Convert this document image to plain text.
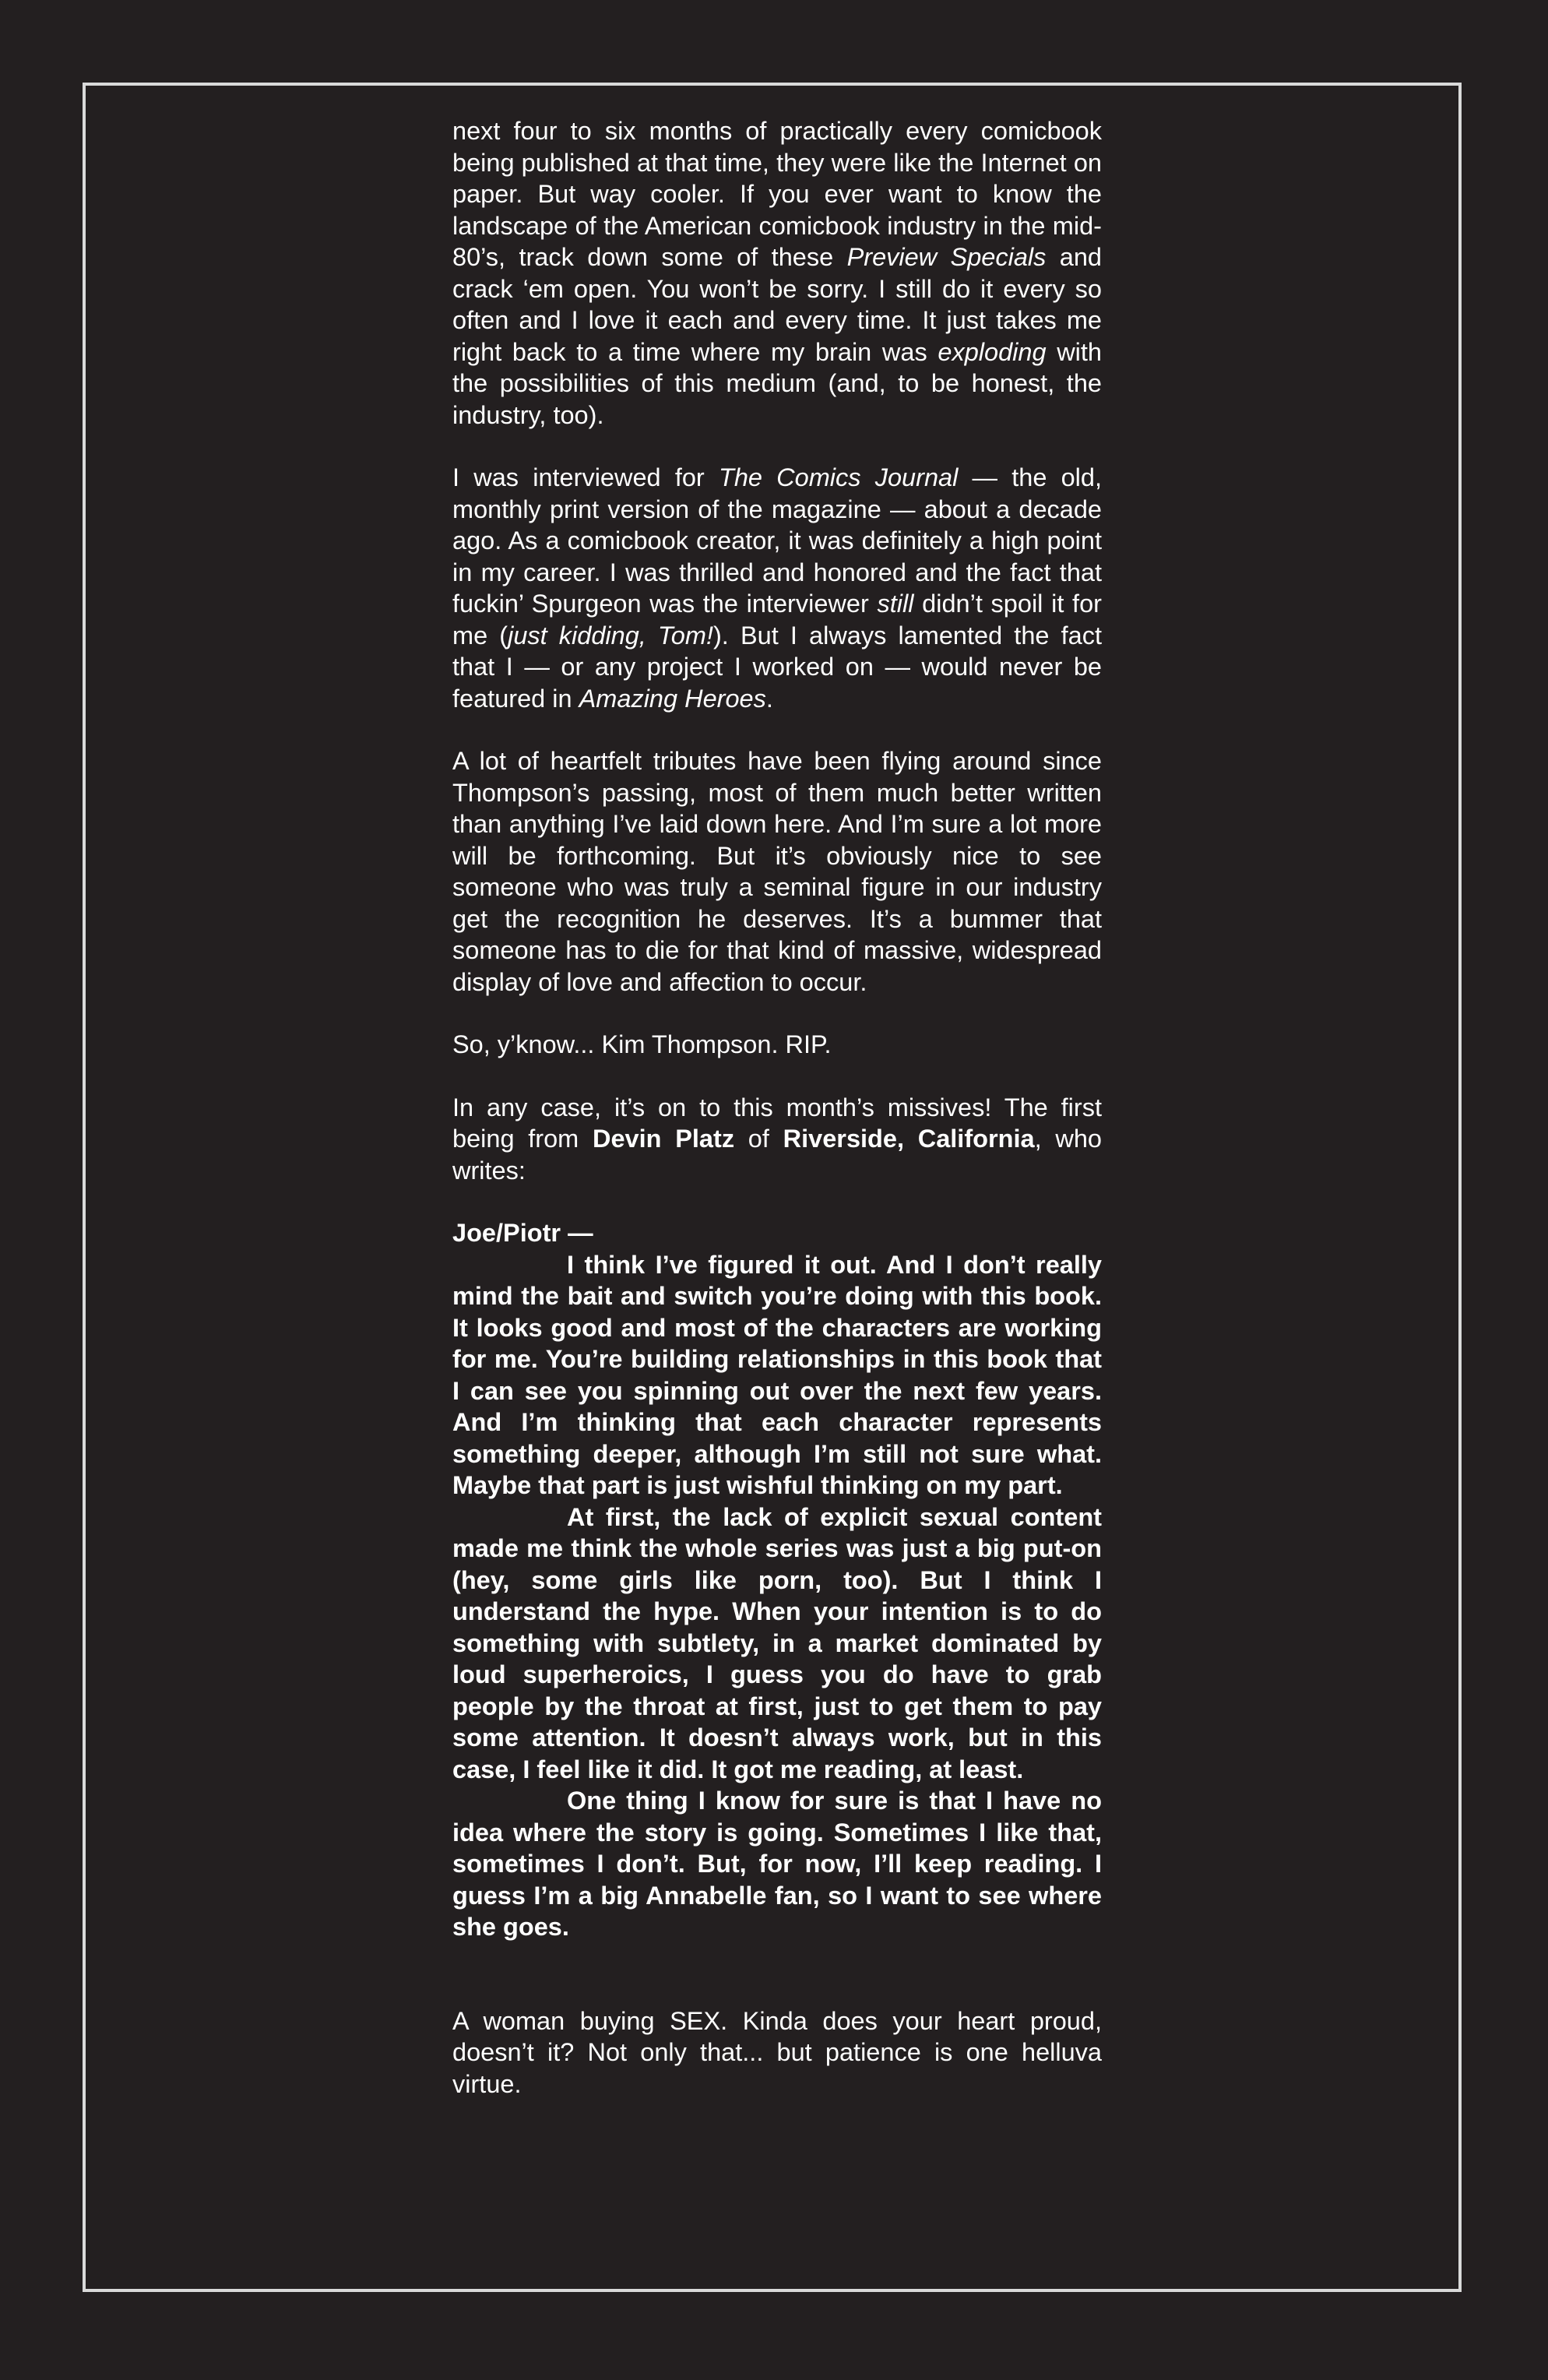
next four to six months of practically every comicbook being published at that time, they were like the Internet on paper. But way cooler. If you ever want to know the landscape of the American comicbook industry in the mid-80’s, track down some of these Preview Specials and crack ‘em open. You won’t be sorry. I still do it every so often and I love it each and every time. It just takes me right back to a time where my brain was exploding with the possibilities of this medium (and, to be honest, the industry, too).

I was interviewed for The Comics Journal — the old, monthly print version of the magazine — about a decade ago. As a comicbook creator, it was definitely a high point in my career. I was thrilled and honored and the fact that fuckin’ Spurgeon was the interviewer still didn’t spoil it for me (just kidding, Tom!). But I always lamented the fact that I — or any project I worked on — would never be featured in Amazing Heroes.

A lot of heartfelt tributes have been flying around since Thompson’s passing, most of them much better written than anything I’ve laid down here. And I’m sure a lot more will be forthcoming. But it’s obviously nice to see someone who was truly a seminal figure in our industry get the recognition he deserves. It’s a bummer that someone has to die for that kind of massive, widespread display of love and affection to occur.

So, y’know... Kim Thompson. RIP.

In any case, it’s on to this month’s missives! The first being from Devin Platz of Riverside, California, who writes:

Joe/Piotr —

I think I’ve figured it out. And I don’t really mind the bait and switch you’re doing with this book. It looks good and most of the characters are working for me. You’re building relationships in this book that I can see you spinning out over the next few years. And I’m thinking that each character represents something deeper, although I’m still not sure what. Maybe that part is just wishful thinking on my part.

At first, the lack of explicit sexual content made me think the whole series was just a big put-on (hey, some girls like porn, too). But I think I understand the hype. When your intention is to do something with subtlety, in a market dominated by loud superheroics, I guess you do have to grab people by the throat at first, just to get them to pay some attention. It doesn’t always work, but in this case, I feel like it did. It got me reading, at least.

One thing I know for sure is that I have no idea where the story is going. Sometimes I like that, sometimes I don’t. But, for now, I’ll keep reading. I guess I’m a big Annabelle fan, so I want to see where she goes.

A woman buying SEX. Kinda does your heart proud, doesn’t it? Not only that... but patience is one helluva virtue.
